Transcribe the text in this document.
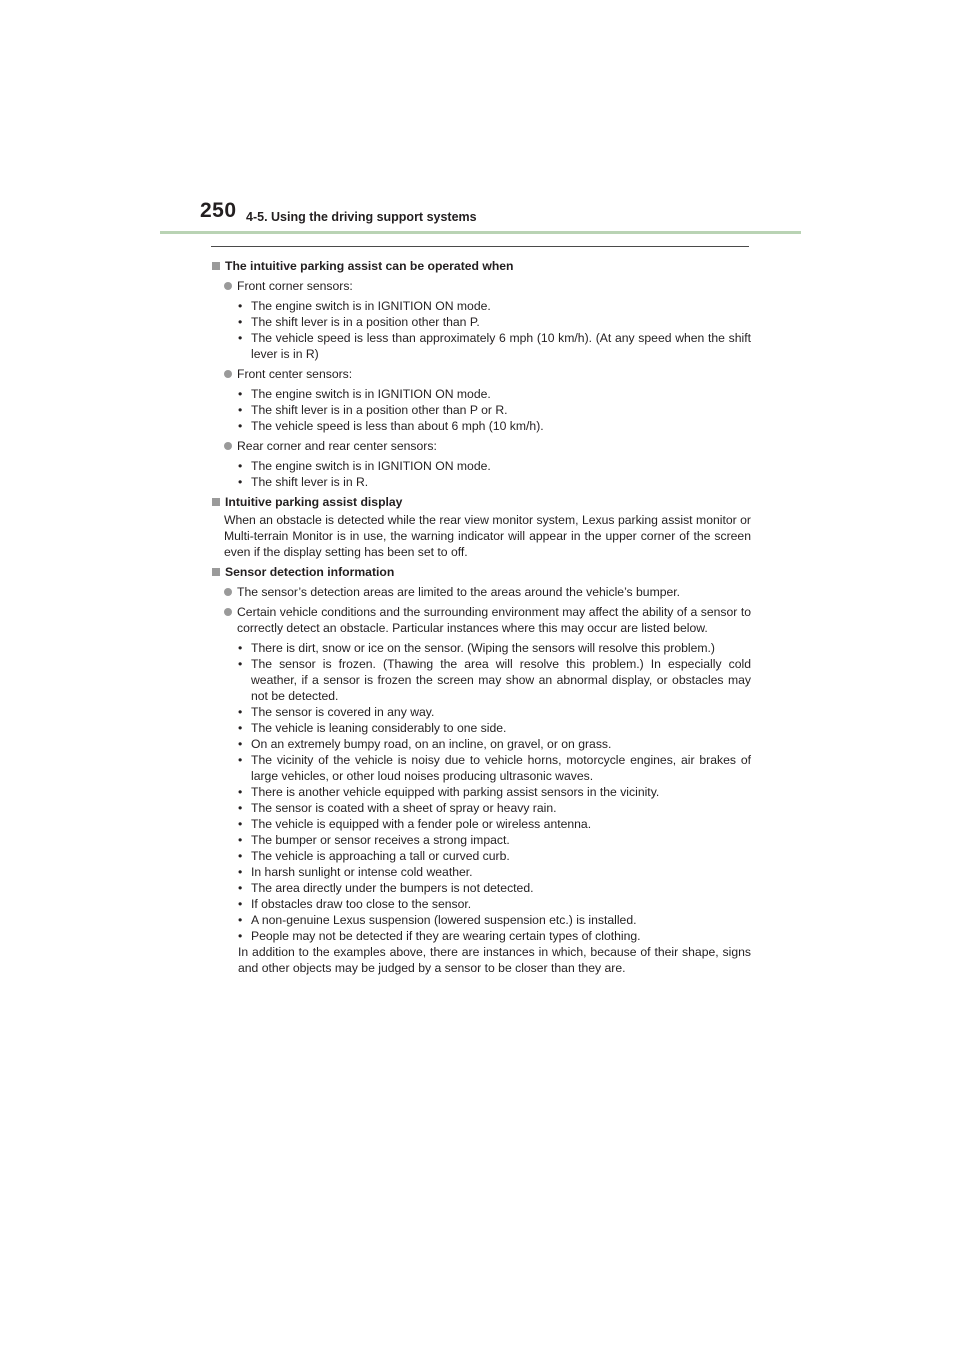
250 4-5. Using the driving support systems
The intuitive parking assist can be operated when
Front corner sensors:
• The engine switch is in IGNITION ON mode.
• The shift lever is in a position other than P.
• The vehicle speed is less than approximately 6 mph (10 km/h). (At any speed when the shift lever is in R)
Front center sensors:
• The engine switch is in IGNITION ON mode.
• The shift lever is in a position other than P or R.
• The vehicle speed is less than about 6 mph (10 km/h).
Rear corner and rear center sensors:
• The engine switch is in IGNITION ON mode.
• The shift lever is in R.
Intuitive parking assist display
When an obstacle is detected while the rear view monitor system, Lexus parking assist monitor or Multi-terrain Monitor is in use, the warning indicator will appear in the upper corner of the screen even if the display setting has been set to off.
Sensor detection information
The sensor’s detection areas are limited to the areas around the vehicle’s bumper.
Certain vehicle conditions and the surrounding environment may affect the ability of a sensor to correctly detect an obstacle. Particular instances where this may occur are listed below.
• There is dirt, snow or ice on the sensor. (Wiping the sensors will resolve this problem.)
• The sensor is frozen. (Thawing the area will resolve this problem.) In especially cold weather, if a sensor is frozen the screen may show an abnormal display, or obstacles may not be detected.
• The sensor is covered in any way.
• The vehicle is leaning considerably to one side.
• On an extremely bumpy road, on an incline, on gravel, or on grass.
• The vicinity of the vehicle is noisy due to vehicle horns, motorcycle engines, air brakes of large vehicles, or other loud noises producing ultrasonic waves.
• There is another vehicle equipped with parking assist sensors in the vicinity.
• The sensor is coated with a sheet of spray or heavy rain.
• The vehicle is equipped with a fender pole or wireless antenna.
• The bumper or sensor receives a strong impact.
• The vehicle is approaching a tall or curved curb.
• In harsh sunlight or intense cold weather.
• The area directly under the bumpers is not detected.
• If obstacles draw too close to the sensor.
• A non-genuine Lexus suspension (lowered suspension etc.) is installed.
• People may not be detected if they are wearing certain types of clothing.
In addition to the examples above, there are instances in which, because of their shape, signs and other objects may be judged by a sensor to be closer than they are.
